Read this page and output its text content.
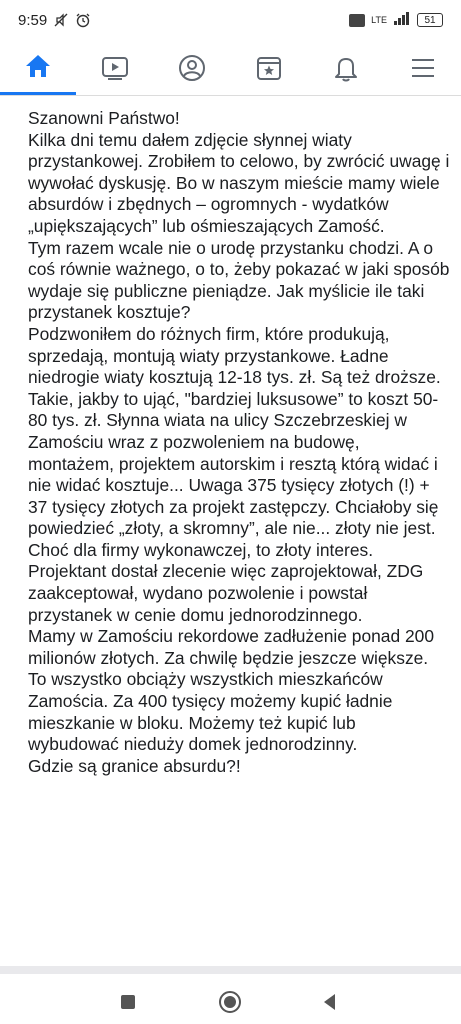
9:59	LTE	51

Szanowni Państwo!

Kilka dni temu dałem zdjęcie słynnej wiaty przystankowej. Zrobiłem to celowo, by zwrócić uwagę i wywołać dyskusję. Bo w naszym mieście mamy wiele absurdów i zbędnych – ogromnych - wydatków „upiększających” lub ośmieszających Zamość.

Tym razem wcale nie o urodę przystanku chodzi. A o coś równie ważnego, o to, żeby pokazać w jaki sposób wydaje się publiczne pieniądze. Jak myślicie ile taki przystanek kosztuje?

Podzwoniłem do różnych firm, które produkują, sprzedają, montują wiaty przystankowe. Ładne niedrogie wiaty kosztują 12-18 tys. zł. Są też droższe. Takie, jakby to ująć, "bardziej luksusowe” to koszt 50-80 tys. zł. Słynna wiata na ulicy Szczebrzeskiej w Zamościu wraz z pozwoleniem na budowę, montażem, projektem autorskim i resztą którą widać i nie widać kosztuje... Uwaga 375 tysięcy złotych (!) + 37 tysięcy złotych za projekt zastępczy. Chciałoby się powiedzieć „złoty, a skromny”, ale nie... złoty nie jest. Choć dla firmy wykonawczej, to złoty interes. Projektant dostał zlecenie więc zaprojektował, ZDG zaakceptował, wydano pozwolenie i powstał przystanek w cenie domu jednorodzinnego.

Mamy w Zamościu rekordowe zadłużenie ponad 200 milionów złotych. Za chwilę będzie jeszcze większe. To wszystko obciąży wszystkich mieszkańców Zamościa. Za 400 tysięcy możemy kupić ładnie mieszkanie w bloku. Możemy też kupić lub wybudować nieduży domek jednorodzinny.

Gdzie są granice absurdu?!
